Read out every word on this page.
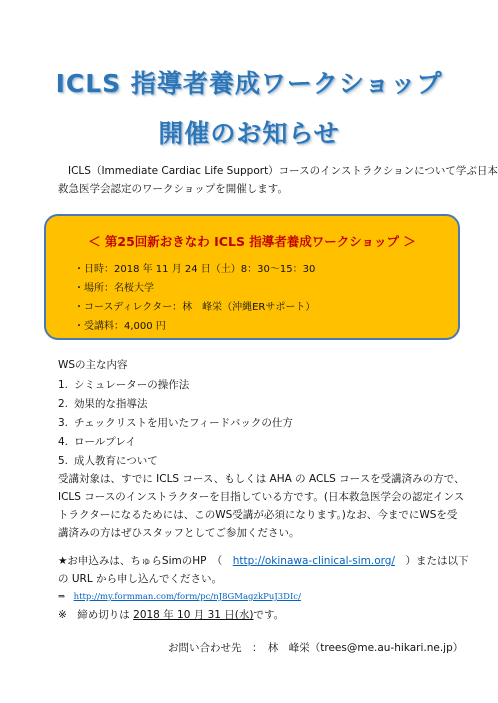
ICLS 指導者養成ワークショップ
開催のお知らせ
ICLS（Immediate Cardiac Life Support）コースのインストラクションについて学ぶ日本
救急医学会認定のワークショップを開催します。
＜ 第25回新おきなわ ICLS 指導者養成ワークショップ ＞
・日時：2018 年 11 月 24 日（土）8：30～15：30
・場所：名桜大学
・コースディレクター：林　峰栄（沖縄ERサポート）
・受講料：4,000 円
WSの主な内容
1. シミュレーターの操作法
2. 効果的な指導法
3. チェックリストを用いたフィードバックの仕方
4. ロールプレイ
5. 成人教育について
受講対象は、すでに ICLS コース、もしくは AHA の ACLS コースを受講済みの方で、
ICLS コースのインストラクターを目指している方です。(日本救急医学会の認定インス
トラクターになるためには、このWS受講が必須になります。)なお、今までにWSを受
講済みの方はぜひスタッフとしてご参加ください。
★お申込みは、ちゅらSimのHP　（　http://okinawa-clinical-sim.org/　）または以下
の URL から申し込んでください。
⇒　http://my.formman.com/form/pc/nJ8GMagzkPuJ3DIc/
※　締め切りは 2018 年 10 月 31 日(水)です。
お問い合わせ先　：　林　峰栄（trees@me.au-hikari.ne.jp）
